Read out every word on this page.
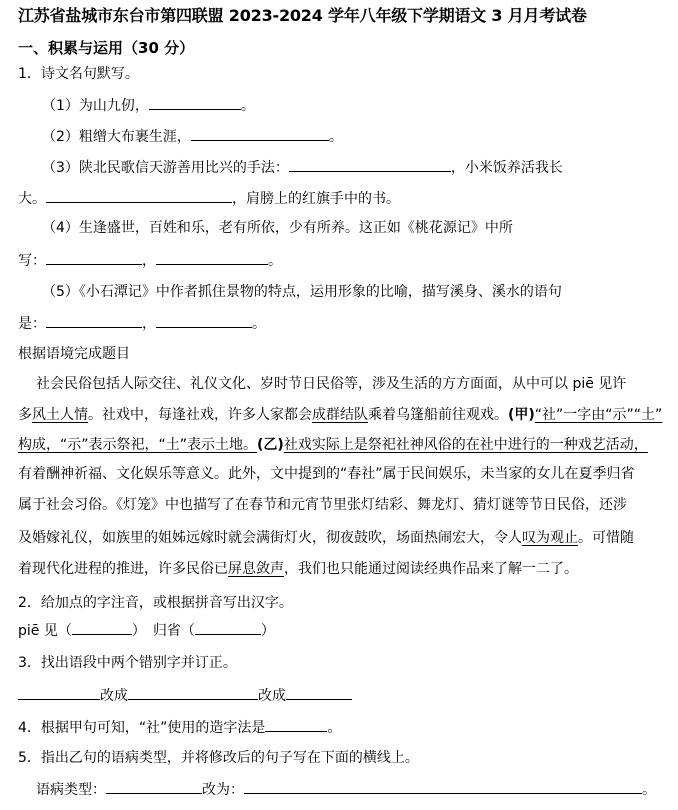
江苏省盐城市东台市第四联盟 2023-2024 学年八年级下学期语文 3 月月考试卷
一、积累与运用（30 分）
1．诗文名句默写。
（1）为山九仞，	。
（2）粗缯大布裹生涯，	。
（3）陕北民歌信天游善用比兴的手法：	，小米饭养活我长
大。	，肩膀上的红旗手中的书。
（4）生逢盛世，百姓和乐，老有所依，少有所养。这正如《桃花源记》中所
写：	，	。
（5）《小石潭记》中作者抓住景物的特点，运用形象的比喻，描写溪身、溪水的语句
是：	，	。
根据语境完成题目
社会民俗包括人际交往、礼仪文化、岁时节日民俗等，涉及生活的方方面面，从中可以 piē 见许
多风土人情。社戏中，每逢社戏，许多人家都会成群结队乘着乌篷船前往观戏。(甲)“社”一字由“示”“土”
构成，“示”表示祭祀，“土”表示土地。(乙)社戏实际上是祭祀社神风俗的在社中进行的一种戏艺活动，
有着酬神祈福、文化娱乐等意义。此外，文中提到的“春社”属于民间娱乐，未当家的女儿在夏季归省
属于社会习俗。《灯笼》中也描写了在春节和元宵节里张灯结彩、舞龙灯、猜灯谜等节日民俗，还涉
及婚嫁礼仪，如族里的姐姊远嫁时就会满街灯火，彻夜鼓吹，场面热闹宏大，令人叹为观止。可惜随
着现代化进程的推进，许多民俗已屏息敛声，我们也只能通过阅读经典作品来了解一二了。
2．给加点的字注音，或根据拼音写出汉字。
piē 见（	）　归省（	）
3．找出语段中两个错别字并订正。
改成	改成
4．根据甲句可知，“社”使用的造字法是	。
5．指出乙句的语病类型，并将修改后的句子写在下面的横线上。
语病类型：	改为：	。
